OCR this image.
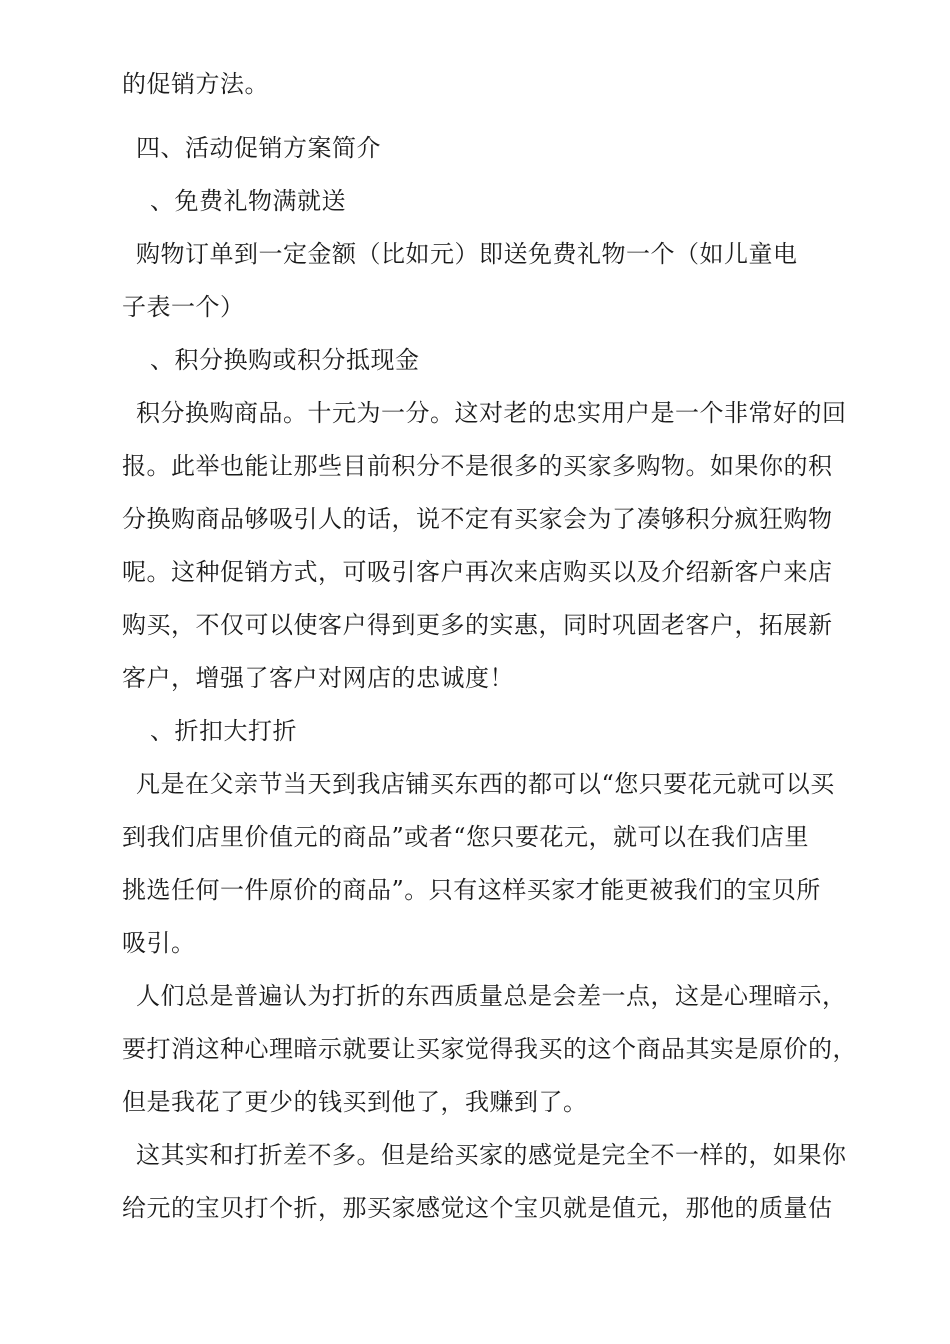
的促销方法。
四、活动促销方案简介
、免费礼物满就送
购物订单到一定金额（比如元）即送免费礼物一个（如儿童电
子表一个）
、积分换购或积分抵现金
积分换购商品。十元为一分。这对老的忠实用户是一个非常好的回
报。此举也能让那些目前积分不是很多的买家多购物。如果你的积
分换购商品够吸引人的话，说不定有买家会为了凑够积分疯狂购物
呢。这种促销方式，可吸引客户再次来店购买以及介绍新客户来店
购买，不仅可以使客户得到更多的实惠，同时巩固老客户，拓展新
客户，增强了客户对网店的忠诚度！
、折扣大打折
凡是在父亲节当天到我店铺买东西的都可以“您只要花元就可以买
到我们店里价值元的商品”或者“您只要花元，就可以在我们店里
挑选任何一件原价的商品”。只有这样买家才能更被我们的宝贝所
吸引。
人们总是普遍认为打折的东西质量总是会差一点，这是心理暗示，
要打消这种心理暗示就要让买家觉得我买的这个商品其实是原价的，
但是我花了更少的钱买到他了，我赚到了。
这其实和打折差不多。但是给买家的感觉是完全不一样的，如果你
给元的宝贝打个折，那买家感觉这个宝贝就是值元，那他的质量估
